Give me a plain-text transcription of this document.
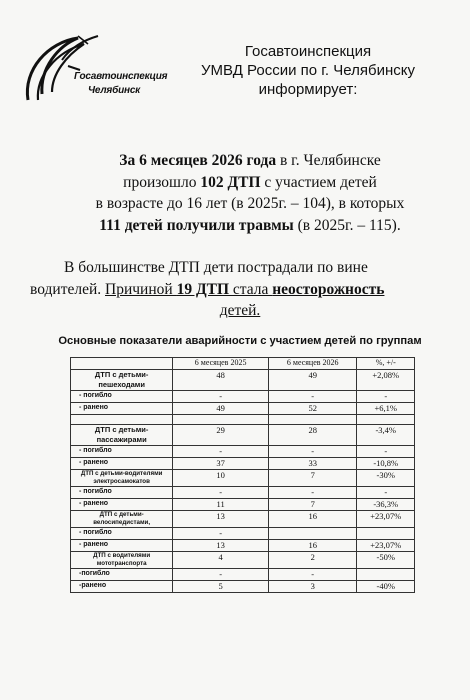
Госавтоинспекция
Челябинск
Госавтоинспекция
УМВД России по г. Челябинску
информирует:
За 6 месяцев 2026 года в г. Челябинске
произошло 102 ДТП с участием детей
в возрасте до 16 лет (в 2025г. – 104), в которых
111 детей получили травмы (в 2025г. – 115).
В большинстве ДТП дети пострадали по вине
водителей. Причиной 19 ДТП стала неосторожность
детей.
Основные показатели аварийности с участием детей по группам
	6 месяцев 2025	6 месяцев 2026	%, +/-
ДТП с детьми-пешеходами	48	49	+2,08%
- погибло	-	-	-
- ранено	49	52	+6,1%

ДТП с детьми-пассажирами	29	28	-3,4%
- погибло	-	-	-
- ранено	37	33	-10,8%
ДТП с детьми-водителями электросамокатов	10	7	-30%
- погибло	-	-	-
- ранено	11	7	-36,3%
ДТП с детьми-велосипедистами,	13	16	+23,07%
- погибло	-		
- ранено	13	16	+23,07%
ДТП с водителями мототранспорта	4	2	-50%
-погибло	-	-	
-ранено	5	3	-40%
